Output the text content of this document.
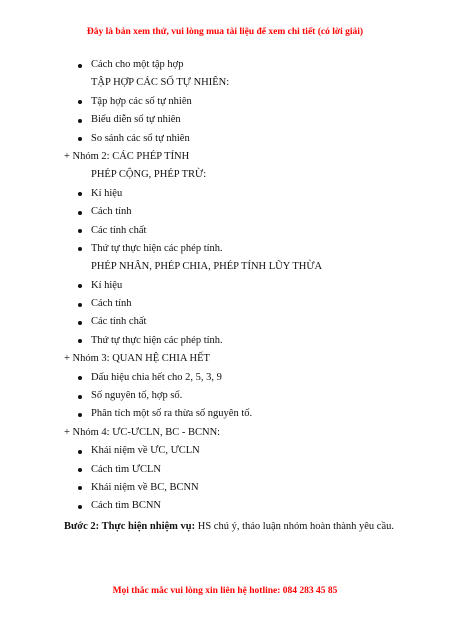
Đây là bản xem thử, vui lòng mua tài liệu để xem chi tiết (có lời giải)
Cách cho một tập hợp
TẬP HỢP CÁC SỐ TỰ NHIÊN:
Tập hợp các số tự nhiên
Biểu diễn số tự nhiên
So sánh các số tự nhiên
+ Nhóm 2: CÁC PHÉP TÍNH
PHÉP CỘNG, PHÉP TRỪ:
Kí hiệu
Cách tính
Các tính chất
Thứ tự thực hiện các phép tính.
PHÉP NHÂN, PHÉP CHIA, PHÉP TÍNH LŨY THỪA
Kí hiệu
Cách tính
Các tính chất
Thứ tự thực hiện các phép tính.
+ Nhóm 3: QUAN HỆ CHIA HẾT
Dấu hiệu chia hết cho 2, 5, 3, 9
Số nguyên tố, hợp số.
Phân tích một số ra thừa số nguyên tố.
+ Nhóm 4: ƯC-ƯCLN, BC - BCNN:
Khái niệm về ƯC, ƯCLN
Cách tìm ƯCLN
Khái niệm về BC, BCNN
Cách tìm BCNN
Bước 2: Thực hiện nhiệm vụ: HS chú ý, thảo luận nhóm hoàn thành yêu cầu.
Mọi thắc mắc vui lòng xin liên hệ hotline: 084 283 45 85
